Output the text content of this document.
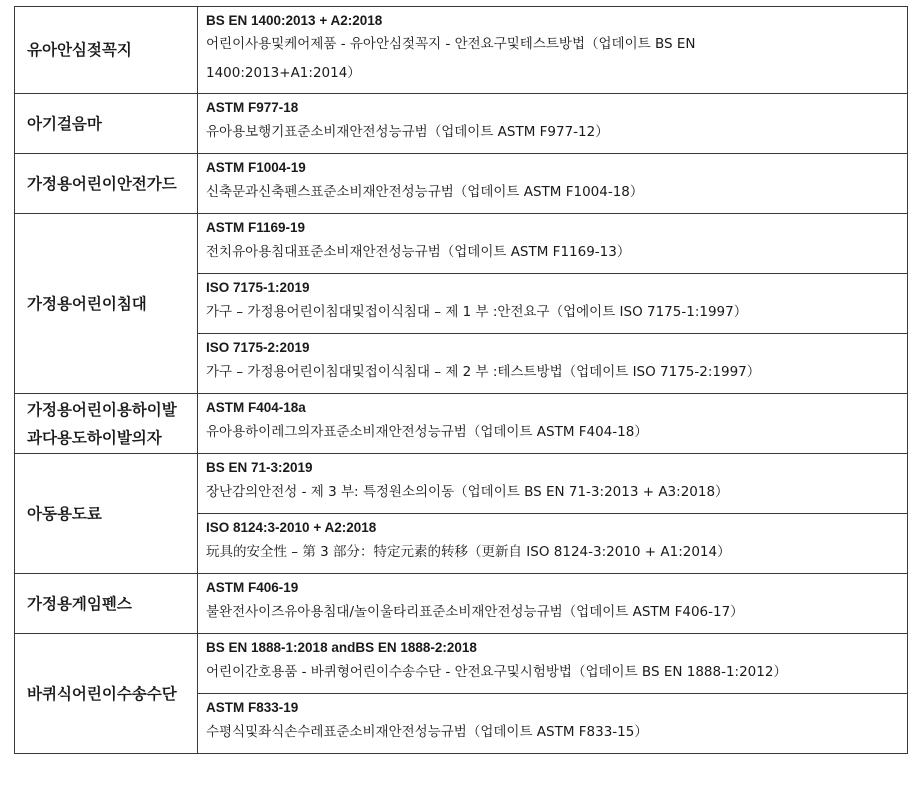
유아안심젖꼭지	BS EN 1400:2013 + A2:2018
어린이사용및케어제품 - 유아안심젖꼭지 - 안전요구및테스트방법（업데이트 BS EN
1400:2013+A1:2014）

아기걸음마	ASTM F977-18
유아용보행기표준소비재안전성능규범（업데이트 ASTM F977-12）

가정용어린이안전가드	ASTM F1004-19
신축문과신축펜스표준소비재안전성능규범（업데이트 ASTM F1004-18）

가정용어린이침대	ASTM F1169-19
전치유아용침대표준소비재안전성능규범（업데이트 ASTM F1169-13）

	ISO 7175-1:2019
가구 – 가정용어린이침대및접이식침대 – 제 1 부 :안전요구（업에이트 ISO 7175-1:1997）

	ISO 7175-2:2019
가구 – 가정용어린이침대및접이식침대 – 제 2 부 :테스트방법（업데이트 ISO 7175-2:1997）

가정용어린이용하이발
과다용도하이발의자	ASTM F404-18a
유아용하이레그의자표준소비재안전성능규범（업데이트 ASTM F404-18）

아동용도료	BS EN 71-3:2019
장난감의안전성 - 제 3 부: 특정원소의이동（업데이트 BS EN 71-3:2013 + A3:2018）

	ISO 8124:3-2010 + A2:2018
玩具的安全性 – 第 3 部分：特定元素的转移（更新自 ISO 8124-3:2010 + A1:2014）

가정용게임펜스	ASTM F406-19
불완전사이즈유아용침대/놀이울타리표준소비재안전성능규범（업데이트 ASTM F406-17）

바퀴식어린이수송수단	BS EN 1888-1:2018 andBS EN 1888-2:2018
어린이간호용품 - 바퀴형어린이수송수단 - 안전요구및시험방법（업데이트 BS EN 1888-1:2012）

	ASTM F833-19
수평식및좌식손수레표준소비재안전성능규범（업데이트 ASTM F833-15）
